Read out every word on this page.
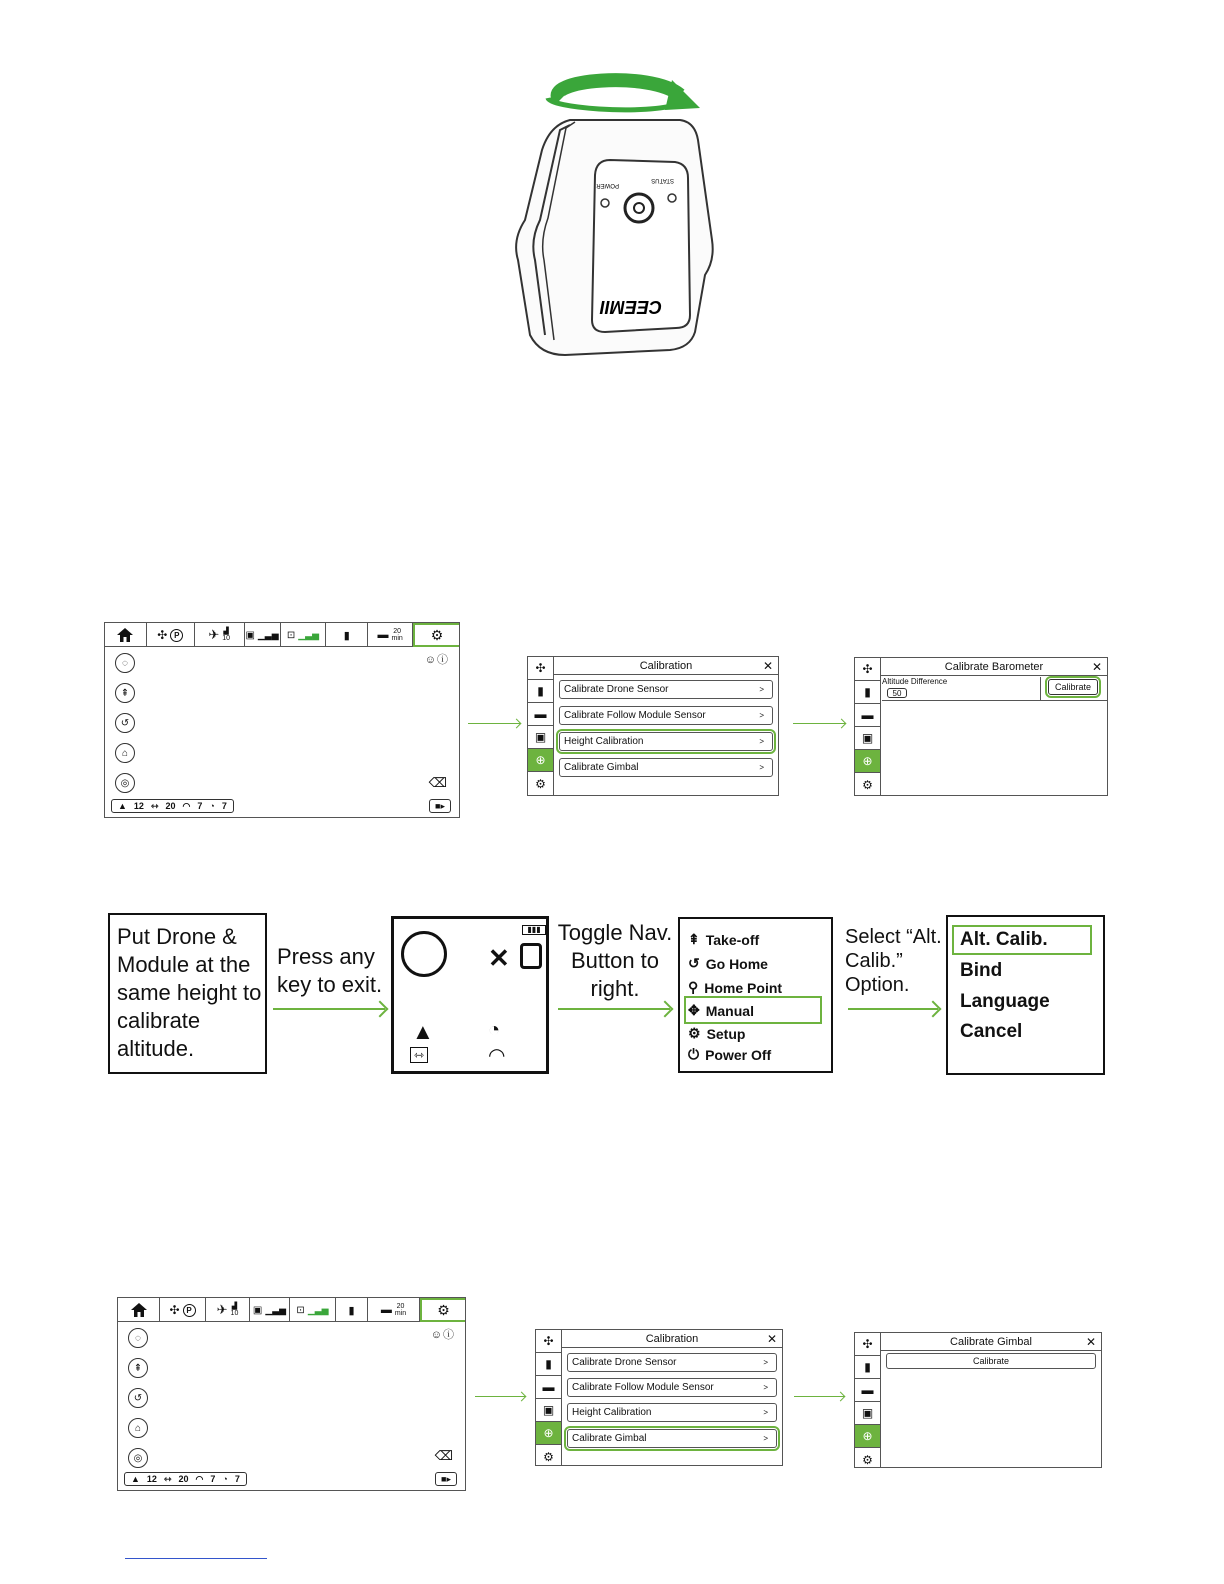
POWER
STATUS
CEEMII
✣ P ✈ ▟
10 ▣ ▁▃▅ ⊡ ▁▃▅ ▮	▬ 20
min ⚙
☺ⓘ
◌
⇞
↺
⌂
◎	⌫
▲ 12 ⇿ 20 ◠ 7 ◔ 7	■▸
✣
▮
▬
▣
⊕
⚙
Calibration	✕
Calibrate Drone Sensor	>
Calibrate Follow Module Sensor	>
Height Calibration	>
Calibrate Gimbal	>
✣
▮
▬
▣
⊕
⚙
Calibrate Barometer	✕
Altitude Difference
50
Calibrate
Put Drone & Module at the same height to calibrate altitude.
Press any key to exit.
▮▮▮
✕
▲
⇿
◔
◠
Toggle Nav. Button to right.
⇞ Take-off
↺ Go Home
⚲ Home Point
✥ Manual
⚙ Setup
⏻ Power Off
Select “Alt. Calib.” Option.
Alt. Calib.
Bind
Language
Cancel
✣ P ✈ ▟
10 ▣ ▁▃▅ ⊡ ▁▃▅ ▮ ▬ 20
min ⚙
☺ⓘ
◌
⇞
↺
⌂
◎	⌫
▲ 12 ⇿ 20 ◠ 7 ◔ 7	■▸
✣
▮
▬
▣
⊕
⚙
Calibration	✕
Calibrate Drone Sensor	>
Calibrate Follow Module Sensor	>
Height Calibration	>
Calibrate Gimbal	>
✣
▮
▬
▣
⊕
⚙
Calibrate Gimbal	✕
Calibrate
